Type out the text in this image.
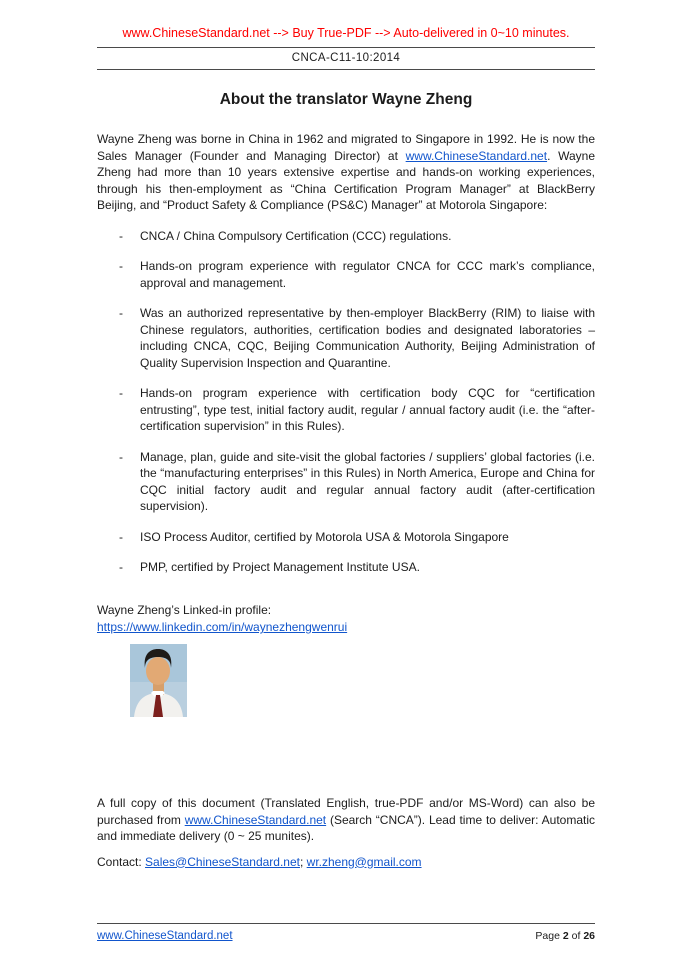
www.ChineseStandard.net --> Buy True-PDF --> Auto-delivered in 0~10 minutes.
CNCA-C11-10:2014
About the translator Wayne Zheng

Wayne Zheng was borne in China in 1962 and migrated to Singapore in 1992. He is now the Sales Manager (Founder and Managing Director) at www.ChineseStandard.net. Wayne Zheng had more than 10 years extensive expertise and hands-on working experiences, through his then-employment as “China Certification Program Manager” at BlackBerry Beijing, and “Product Safety & Compliance (PS&C) Manager” at Motorola Singapore:

-	CNCA / China Compulsory Certification (CCC) regulations.
-	Hands-on program experience with regulator CNCA for CCC mark’s compliance, approval and management.
-	Was an authorized representative by then-employer BlackBerry (RIM) to liaise with Chinese regulators, authorities, certification bodies and designated laboratories – including CNCA, CQC, Beijing Communication Authority, Beijing Administration of Quality Supervision Inspection and Quarantine.
-	Hands-on program experience with certification body CQC for “certification entrusting”, type test, initial factory audit, regular / annual factory audit (i.e. the “after-certification supervision” in this Rules).
-	Manage, plan, guide and site-visit the global factories / suppliers’ global factories (i.e. the “manufacturing enterprises” in this Rules) in North America, Europe and China for CQC initial factory audit and regular annual factory audit (after-certification supervision).
-	ISO Process Auditor, certified by Motorola USA & Motorola Singapore
-	PMP, certified by Project Management Institute USA.

Wayne Zheng’s Linked-in profile:

https://www.linkedin.com/in/waynezhengwenrui

A full copy of this document (Translated English, true-PDF and/or MS-Word) can also be purchased from www.ChineseStandard.net (Search “CNCA”). Lead time to deliver: Automatic and immediate delivery (0 ~ 25 munites).

Contact: Sales@ChineseStandard.net; wr.zheng@gmail.com

www.ChineseStandard.net	Page 2 of 26
